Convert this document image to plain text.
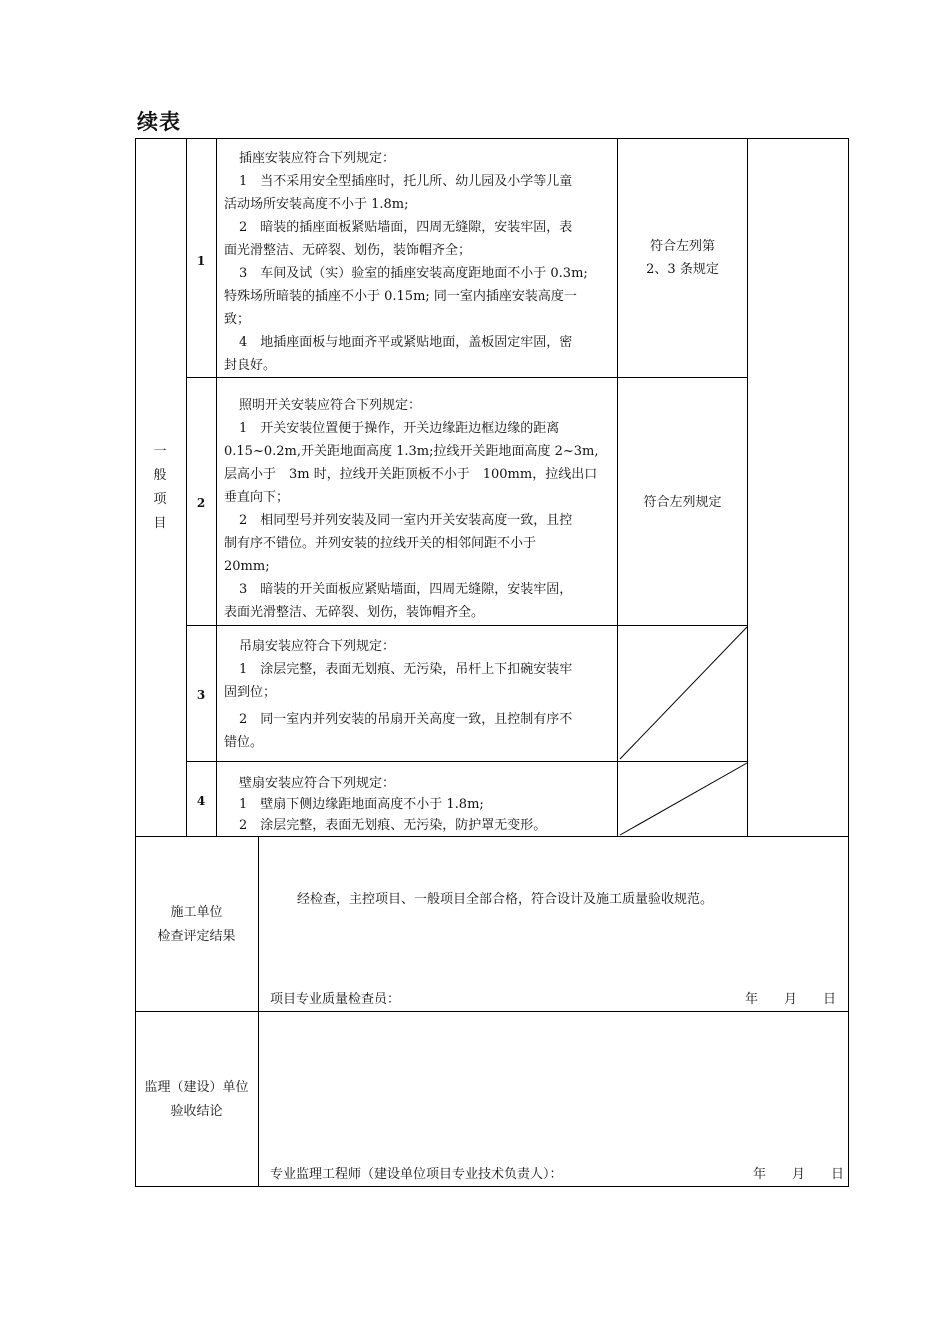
续表
一
般
项
目
1
2
3
4

插座安装应符合下列规定：

1　当不采用安全型插座时，托儿所、幼儿园及小学等儿童

活动场所安装高度不小于 1.8m;

2　暗装的插座面板紧贴墙面，四周无缝隙，安装牢固，表

面光滑整洁、无碎裂、划伤，装饰帽齐全；

3　车间及试（实）验室的插座安装高度距地面不小于 0.3m;

特殊场所暗装的插座不小于 0.15m; 同一室内插座安装高度一

致；

4　地插座面板与地面齐平或紧贴地面，盖板固定牢固，密

封良好。

符合左列第
2、3 条规定

照明开关安装应符合下列规定：

1　开关安装位置便于操作，开关边缘距边框边缘的距离

0.15~0.2m,开关距地面高度 1.3m;拉线开关距地面高度 2~3m,

层高小于　3m 时，拉线开关距顶板不小于　100mm，拉线出口

垂直向下；

2　相同型号并列安装及同一室内开关安装高度一致，且控

制有序不错位。并列安装的拉线开关的相邻间距不小于

20mm;

3　暗装的开关面板应紧贴墙面，四周无缝隙，安装牢固，

表面光滑整洁、无碎裂、划伤，装饰帽齐全。

符合左列规定

吊扇安装应符合下列规定：

1　涂层完整，表面无划痕、无污染，吊杆上下扣碗安装牢

固到位；

2　同一室内并列安装的吊扇开关高度一致，且控制有序不

错位。

壁扇安装应符合下列规定：

1　壁扇下侧边缘距地面高度不小于 1.8m;

2　涂层完整，表面无划痕、无污染，防护罩无变形。

施工单位
检查评定结果
经检查，主控项目、一般项目全部合格，符合设计及施工质量验收规范。
项目专业质量检查员：	年　　月　　日
监理（建设）单位
验收结论
专业监理工程师（建设单位项目专业技术负责人）：	年　　月　　日
